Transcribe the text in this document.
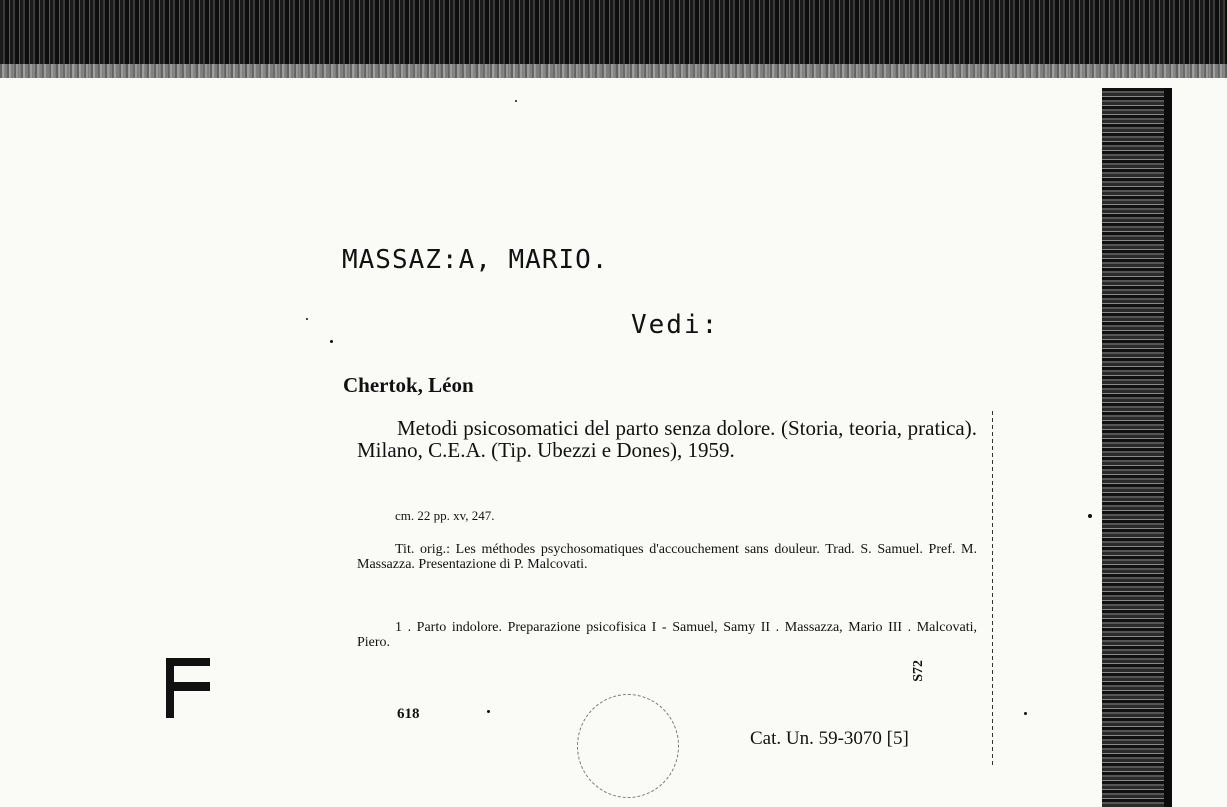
MASSAZ:A, MARIO.
Vedi:
Chertok, Léon

Metodi psicosomatici del parto senza dolore. (Storia, teoria, pratica). Milano, C.E.A. (Tip. Ubezzi e Dones), 1959.

cm. 22 pp. xv, 247.

Tit. orig.: Les méthodes psychosomatiques d'accouchement sans douleur. Trad. S. Samuel. Pref. M. Massazza. Presentazione di P. Malcovati.

1 . Parto indolore. Preparazione psicofisica I - Samuel, Samy II . Massazza, Mario III . Malcovati, Piero.

618
S72
Cat. Un. 59-3070 [5]
